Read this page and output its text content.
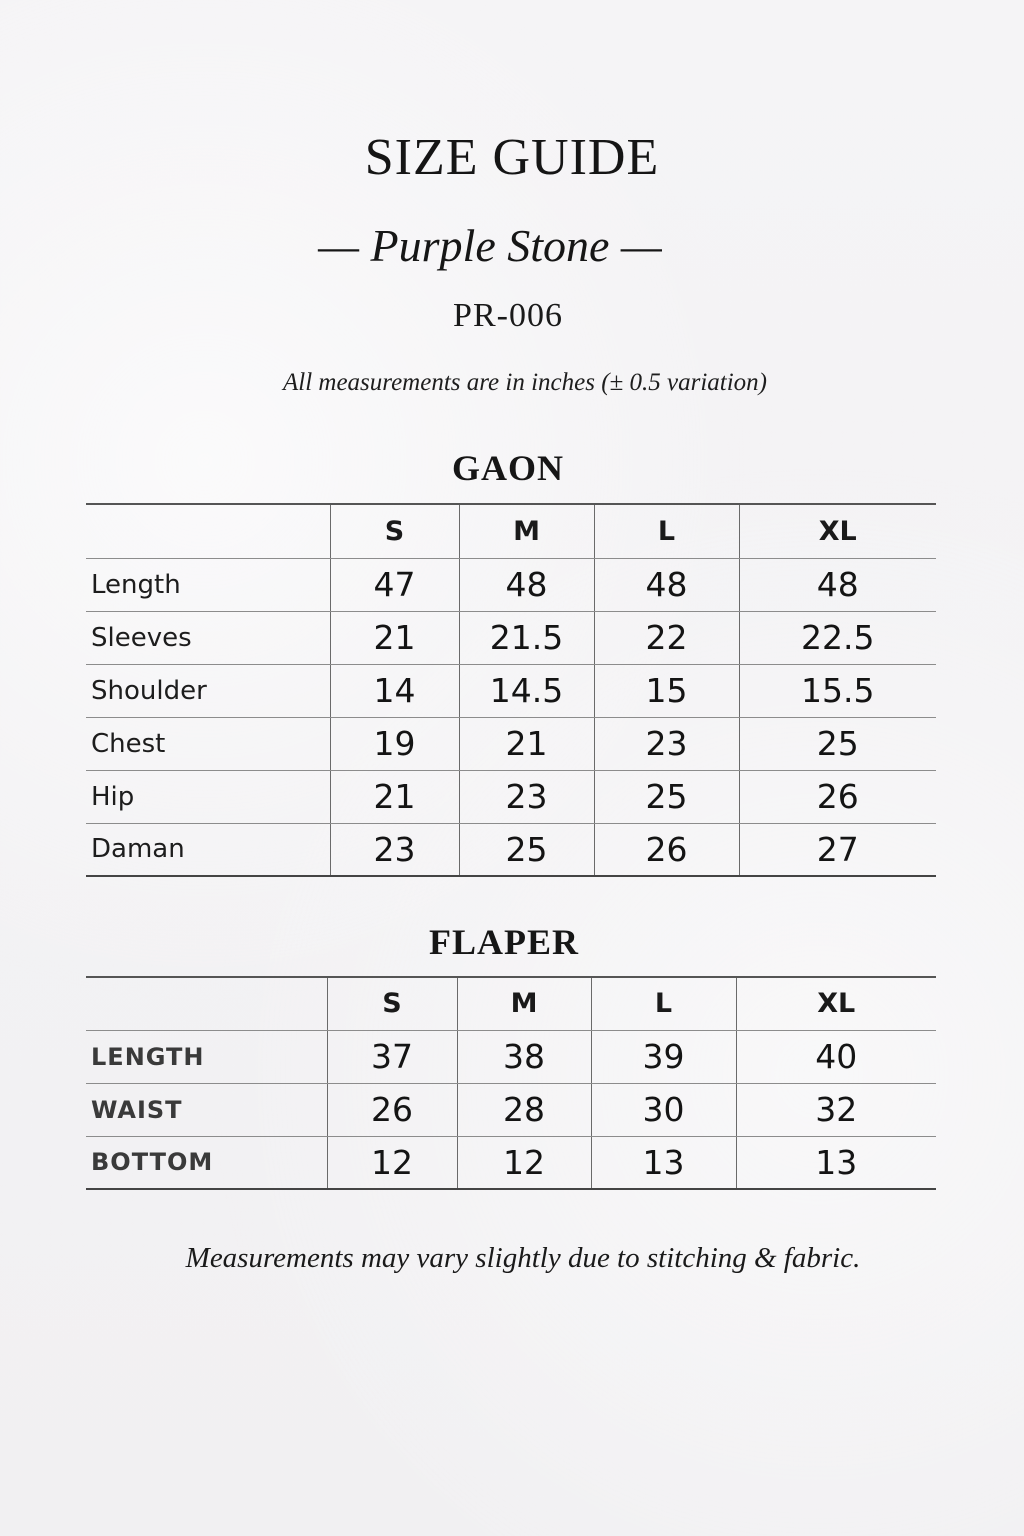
SIZE GUIDE
— Purple Stone —
PR-006
All measurements are in inches (± 0.5 variation)
GAON
	S	M	L	XL
Length	47	48	48	48
Sleeves	21	21.5	22	22.5
Shoulder	14	14.5	15	15.5
Chest	19	21	23	25
Hip	21	23	25	26
Daman	23	25	26	27
FLAPER
	S	M	L	XL
LENGTH	37	38	39	40
WAIST	26	28	30	32
BOTTOM	12	12	13	13
Measurements may vary slightly due to stitching & fabric.
